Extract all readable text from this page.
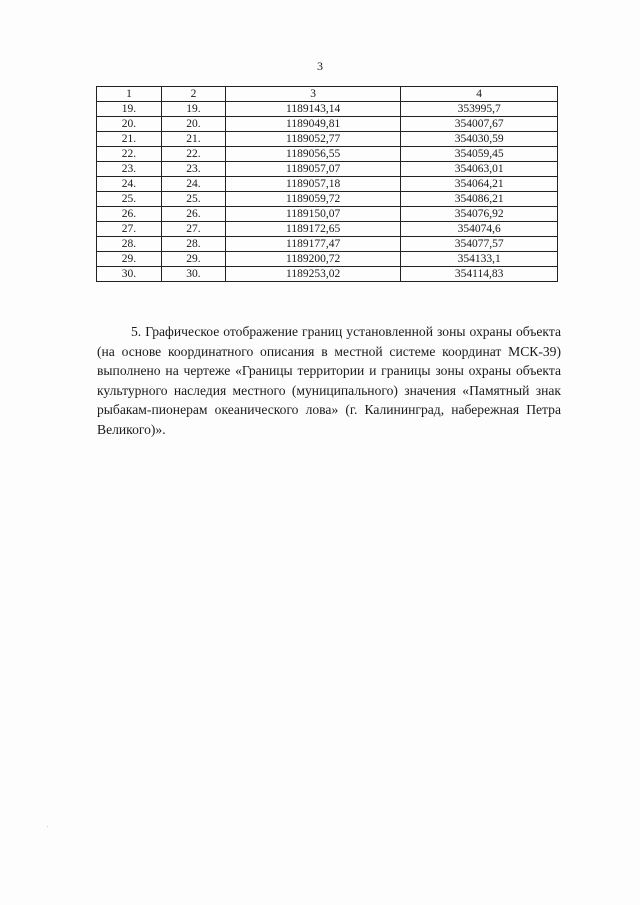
3
1	2	3	4
19.	19.	1189143,14	353995,7
20.	20.	1189049,81	354007,67
21.	21.	1189052,77	354030,59
22.	22.	1189056,55	354059,45
23.	23.	1189057,07	354063,01
24.	24.	1189057,18	354064,21
25.	25.	1189059,72	354086,21
26.	26.	1189150,07	354076,92
27.	27.	1189172,65	354074,6
28.	28.	1189177,47	354077,57
29.	29.	1189200,72	354133,1
30.	30.	1189253,02	354114,83

5. Графическое отображение границ установленной зоны охраны объекта (на основе координатного описания в местной системе координат МСК-39) выполнено на чертеже «Границы территории и границы зоны охраны объекта культурного наследия местного (муниципального) значения «Памятный знак рыбакам-пионерам океанического лова» (г. Калининград, набережная Петра Великого)».
